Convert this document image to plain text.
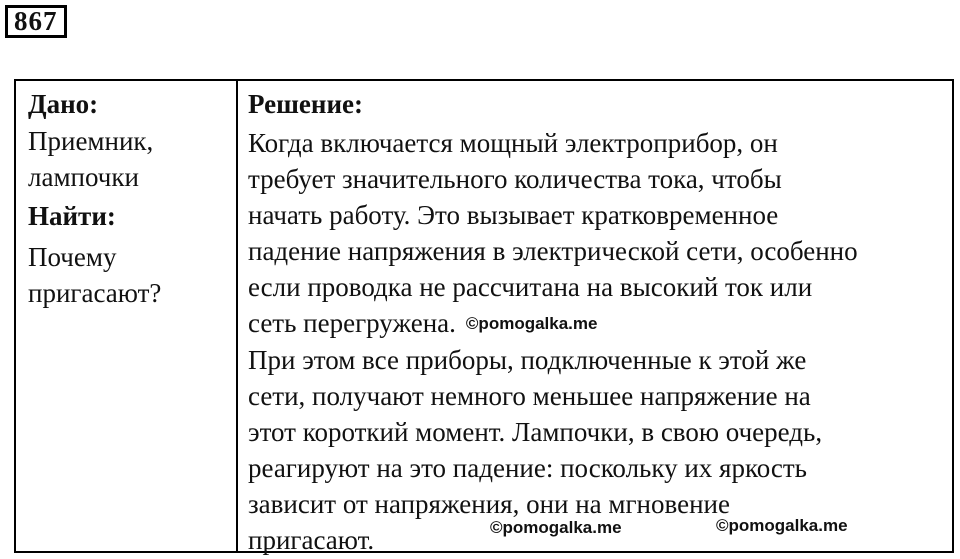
867
Дано:
Приемник,
лампочки
Найти:
Почему
пригасают?
Решение:
Когда включается мощный электроприбор, он
требует значительного количества тока, чтобы
начать работу. Это вызывает кратковременное
падение напряжения в электрической сети, особенно
если проводка не рассчитана на высокий ток или
сеть перегружена. ©pomogalka.me
При этом все приборы, подключенные к этой же
сети, получают немного меньшее напряжение на
этот короткий момент. Лампочки, в свою очередь,
реагируют на это падение: поскольку их яркость
зависит от напряжения, они на мгновение
пригасают.	©pomogalka.me	©pomogalka.me
